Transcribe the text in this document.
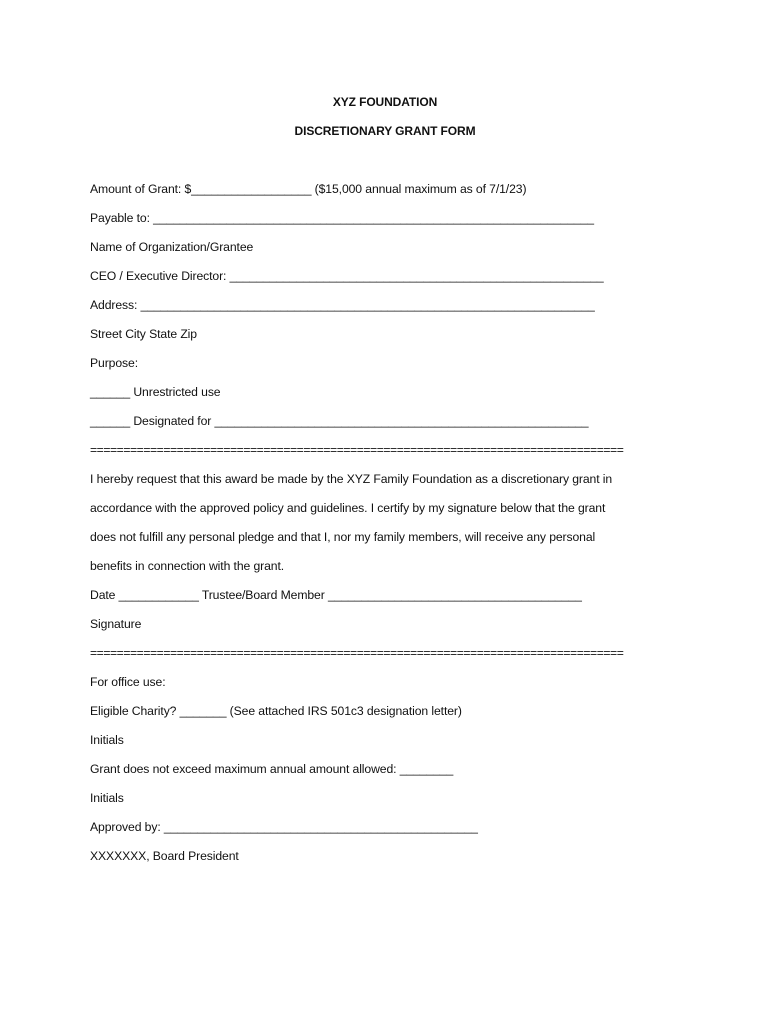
XYZ FOUNDATION
DISCRETIONARY GRANT FORM
Amount of Grant: $__________________ ($15,000 annual maximum as of 7/1/23)
Payable to: __________________________________________________________________
Name of Organization/Grantee
CEO / Executive Director: ________________________________________________________
Address: ____________________________________________________________________
Street City State Zip
Purpose:
______ Unrestricted use
______ Designated for ________________________________________________________
================================================================================
I hereby request that this award be made by the XYZ Family Foundation as a discretionary grant in
accordance with the approved policy and guidelines. I certify by my signature below that the grant
does not fulfill any personal pledge and that I, nor my family members, will receive any personal
benefits in connection with the grant.
Date ____________ Trustee/Board Member ______________________________________
Signature
================================================================================
For office use:
Eligible Charity? _______ (See attached IRS 501c3 designation letter)
Initials
Grant does not exceed maximum annual amount allowed: ________
Initials
Approved by: _______________________________________________
XXXXXXX, Board President
